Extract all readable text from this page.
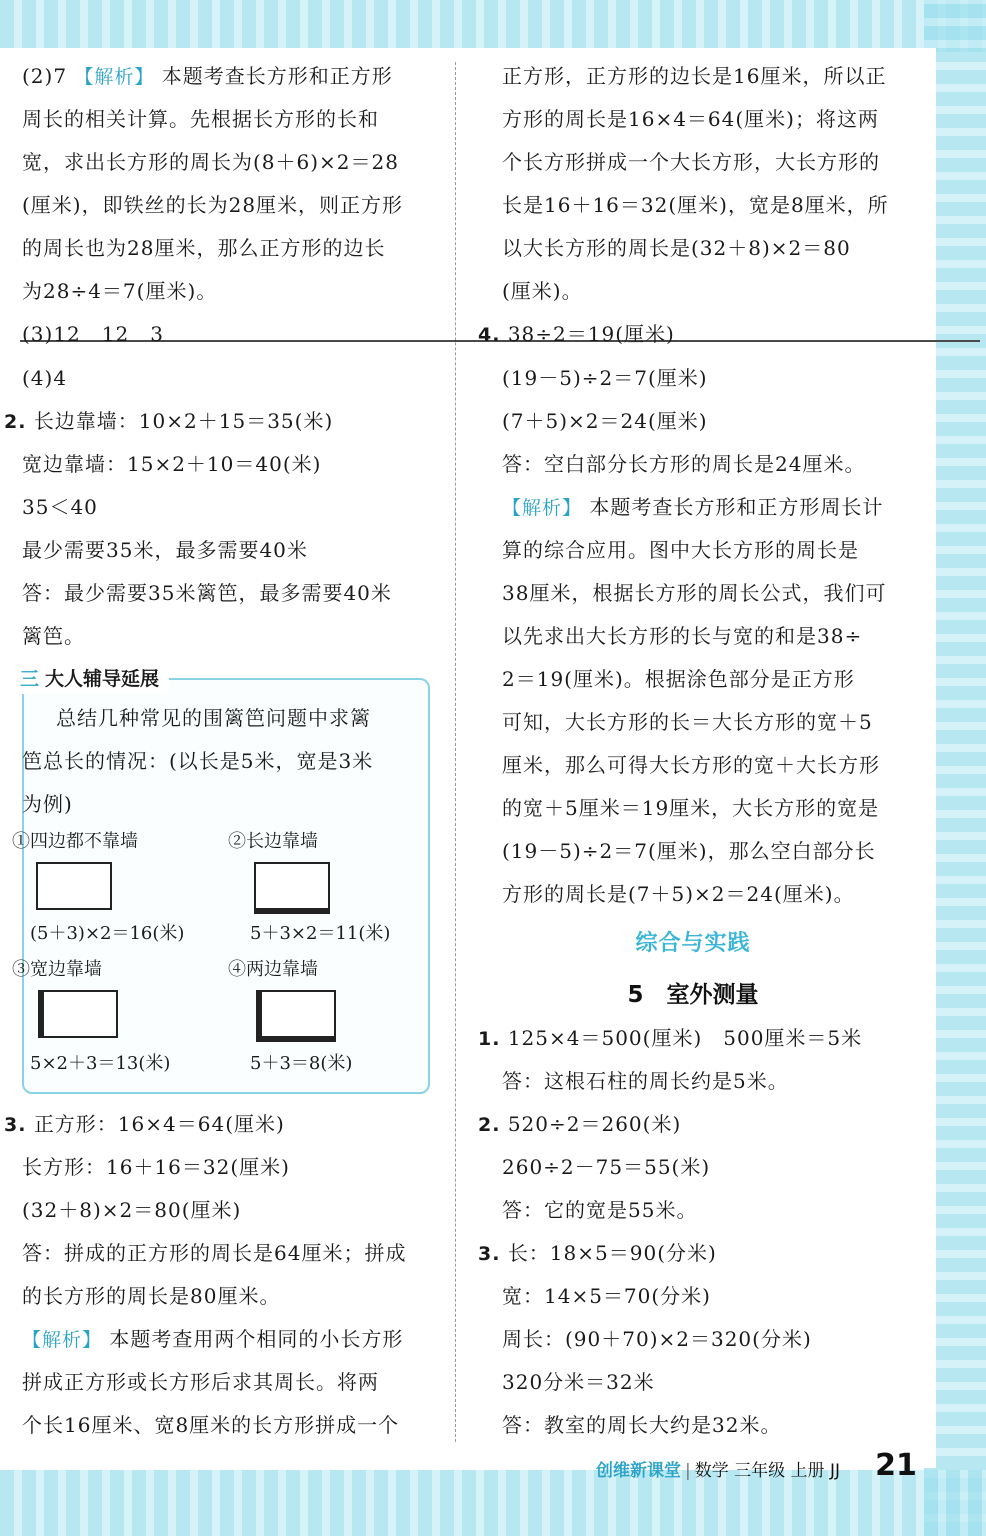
(2)7 【解析】 本题考查长方形和正方形
周长的相关计算。先根据长方形的长和
宽，求出长方形的周长为(8＋6)×2＝28
(厘米)，即铁丝的长为28厘米，则正方形
的周长也为28厘米，那么正方形的边长
为28÷4＝7(厘米)。
(3)12　12　3
(4)4
2. 长边靠墙：10×2＋15＝35(米)
宽边靠墙：15×2＋10＝40(米)
35＜40
最少需要35米，最多需要40米
答：最少需要35米篱笆，最多需要40米
篱笆。
三 大人辅导延展
总结几种常见的围篱笆问题中求篱
笆总长的情况：(以长是5米，宽是3米
为例)
①四边都不靠墙
(5＋3)×2＝16(米)
②长边靠墙
5＋3×2＝11(米)
③宽边靠墙
5×2＋3＝13(米)
④两边靠墙
5＋3＝8(米)
3. 正方形：16×4＝64(厘米)
长方形：16＋16＝32(厘米)
(32＋8)×2＝80(厘米)
答：拼成的正方形的周长是64厘米；拼成
的长方形的周长是80厘米。
【解析】 本题考查用两个相同的小长方形
拼成正方形或长方形后求其周长。将两
个长16厘米、宽8厘米的长方形拼成一个
正方形，正方形的边长是16厘米，所以正
方形的周长是16×4＝64(厘米)；将这两
个长方形拼成一个大长方形，大长方形的
长是16＋16＝32(厘米)，宽是8厘米，所
以大长方形的周长是(32＋8)×2＝80
(厘米)。
4. 38÷2＝19(厘米)
(19－5)÷2＝7(厘米)
(7＋5)×2＝24(厘米)
答：空白部分长方形的周长是24厘米。
【解析】 本题考查长方形和正方形周长计
算的综合应用。图中大长方形的周长是
38厘米，根据长方形的周长公式，我们可
以先求出大长方形的长与宽的和是38÷
2＝19(厘米)。根据涂色部分是正方形
可知，大长方形的长＝大长方形的宽＋5
厘米，那么可得大长方形的宽＋大长方形
的宽＋5厘米＝19厘米，大长方形的宽是
(19－5)÷2＝7(厘米)，那么空白部分长
方形的周长是(7＋5)×2＝24(厘米)。
综合与实践
5　室外测量
1. 125×4＝500(厘米)　500厘米＝5米
答：这根石柱的周长约是5米。
2. 520÷2＝260(米)
260÷2－75＝55(米)
答：它的宽是55米。
3. 长：18×5＝90(分米)
宽：14×5＝70(分米)
周长：(90＋70)×2＝320(分米)
320分米＝32米
答：教室的周长大约是32米。
创维新课堂 | 数学 三年级 上册 JJ 21
